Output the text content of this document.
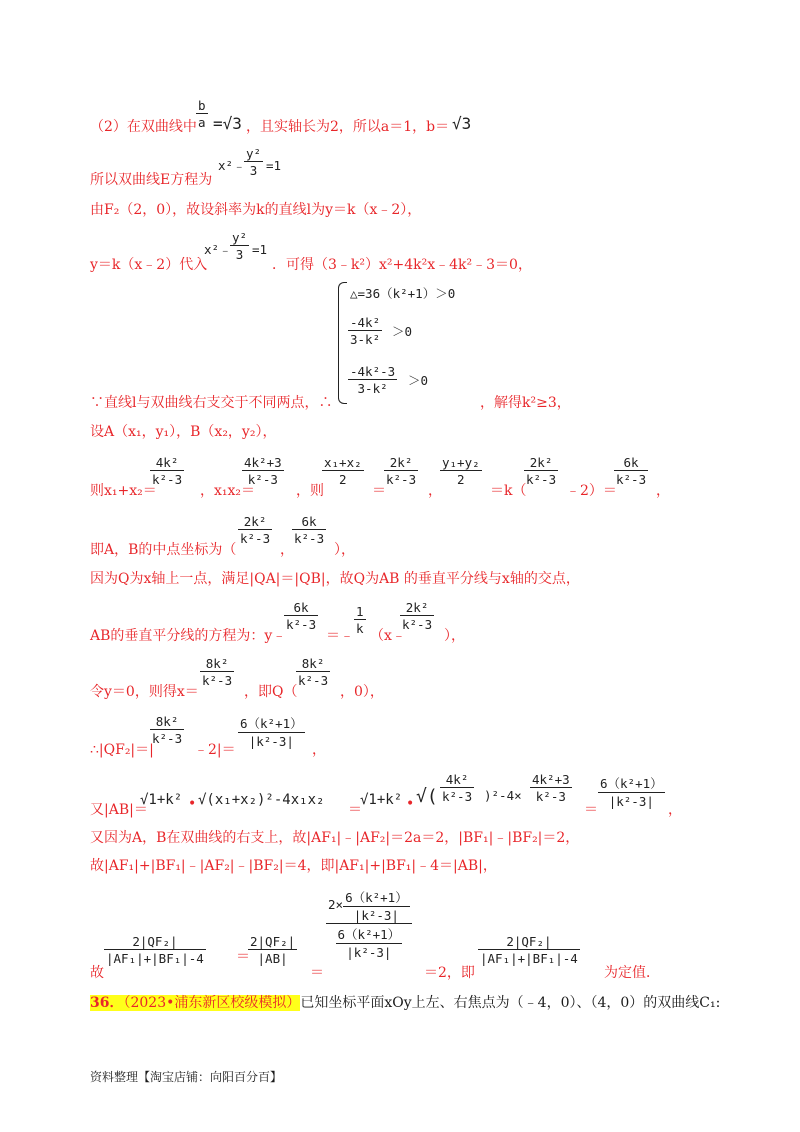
（2）在双曲线中 $\frac{b}{a} =√3$ ，且实轴长为2，所以a＝1，b＝ √3
所以双曲线E方程为
x²﹣
$\frac{\text{y²}}{3} =1$
由F₂（2，0），故设斜率为k的直线l为y＝k（x﹣2），
y＝k（x﹣2）代入
x²﹣
$\frac{\text{y²}}{3} =1$
．可得（3﹣k²）x²+4k²x﹣4k²﹣3＝0，
△=36（k²+1）＞0
$\frac{\text{-4k²}}{\text{3-k²}} >0$
$\frac{\text{-4k²-3}}{\text{3-k²}} >0$
∵直线l与双曲线右支交于不同两点，∴	，解得k²≥3，
设A（x₁，y₁），B（x₂，y₂），
则x₁+x₂＝
$\frac{\text{4k²}}{\text{k²-3}}$
，x₁x₂＝
$\frac{\text{4k²+3}}{\text{k²-3}}$
，则
$\frac{\text{x₁+x₂}}{2}$
＝
$\frac{\text{2k²}}{\text{k²-3}}$
，
$\frac{\text{y₁+y₂}}{2}$
＝k（
$\frac{\text{2k²}}{\text{k²-3}}$
﹣2）＝
$\frac{6k}{\text{k²-3}}$
，
即A，B的中点坐标为（
$\frac{\text{2k²}}{\text{k²-3}}$
，
$\frac{6k}{\text{k²-3}}$
），
因为Q为x轴上一点，满足|QA|＝|QB|，故Q为AB 的垂直平分线与x轴的交点，
AB的垂直平分线的方程为：y﹣
$\frac{6k}{\text{k²-3}}$
＝﹣ $\frac{1}{k}$ （x﹣
$\frac{\text{2k²}}{\text{k²-3}}$
），
令y＝0，则得x＝
$\frac{\text{8k²}}{\text{k²-3}}$
，即Q（
$\frac{\text{8k²}}{\text{k²-3}}$
，0），
∴|QF₂|＝|
$\frac{\text{8k²}}{\text{k²-3}}$
﹣2|＝
$\frac{\text{6（k²+1）}}{\text{|k²-3|}}$
，
又|AB|＝
√1+k² • √(x₁+x₂)²-4x₁x₂
＝
√1+k² • √( $\frac{\text{4k²}}{\text{k²-3}} )^2-4\times \frac{\text{4k²+3}}{\text{k²-3}}$
＝
$\frac{\text{6（k²+1）}}{\text{|k²-3|}}$
，
又因为A，B在双曲线的右支上，故|AF₁|﹣|AF₂|＝2a＝2，|BF₁|﹣|BF₂|＝2，
故|AF₁|+|BF₁|﹣|AF₂|﹣|BF₂|＝4，即|AF₁|+|BF₁|﹣4＝|AB|，
故
$\frac{\text{2|QF₂|}}{\text{|AF₁|+|BF₁|-4}}$ ＝
$\frac{\text{2|QF₂|}}{|AB|}$
＝
$\frac{2\times \frac{\text{6（k²+1）}}{\text{|k²-3|}}}{\frac{\text{6（k²+1）}}{\text{|k²-3|}}}$
＝2，即
$\frac{\text{2|QF₂|}}{\text{|AF₁|+|BF₁|-4}}$
为定值．
36．（2023•浦东新区校级模拟）已知坐标平面xOy上左、右焦点为（﹣4，0）、（4，0）的双曲线C₁:
资料整理【淘宝店铺：向阳百分百】
